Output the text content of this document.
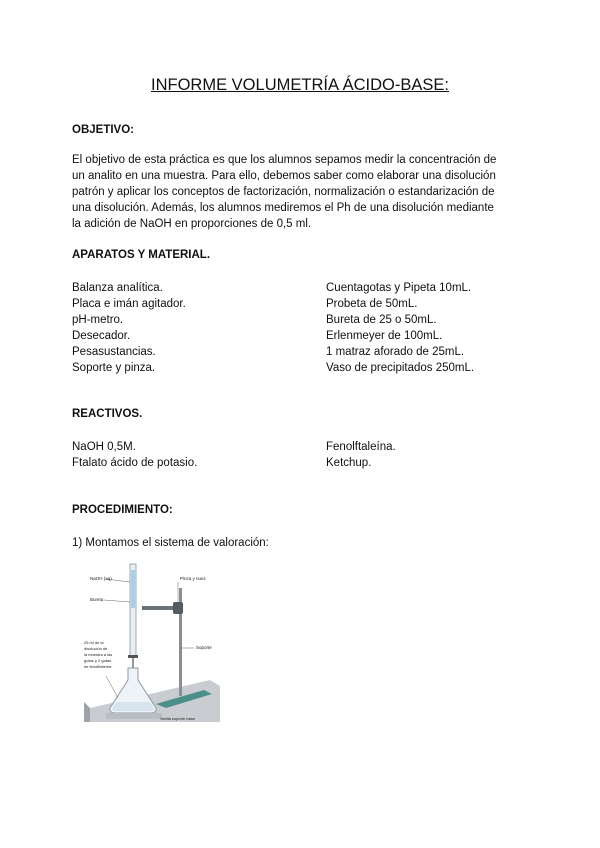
INFORME VOLUMETRÍA ÁCIDO-BASE:
OBJETIVO:
El objetivo de esta práctica es que los alumnos sepamos medir la concentración de
un analito en una muestra. Para ello, debemos saber como elaborar una disolución
patrón y aplicar los conceptos de factorización, normalización o estandarización de
una disolución. Además, los alumnos mediremos el Ph de una disolución mediante
la adición de NaOH en proporciones de 0,5 ml.
APARATOS Y MATERIAL.
Balanza analítica.
Placa e imán agitador.
pH-metro.
Desecador.
Pesasustancias.
Soporte y pinza.
Cuentagotas y Pipeta 10mL.
Probeta de 50mL.
Bureta de 25 o 50mL.
Erlenmeyer de 100mL.
1 matraz aforado de 25mL.
Vaso de precipitados 250mL.
REACTIVOS.
NaOH 0,5M.
Ftalato ácido de potasio.
Fenolftaleína.
Ketchup.
PROCEDIMIENTO:
1) Montamos el sistema de valoración:
NaOH (aq)
Bureta
Pinza y nuez
Soporte
25 ml de la
disolución de
la muestra a las
gotas y 2 gotas
de fenolftaleína
Varilla soporte base
